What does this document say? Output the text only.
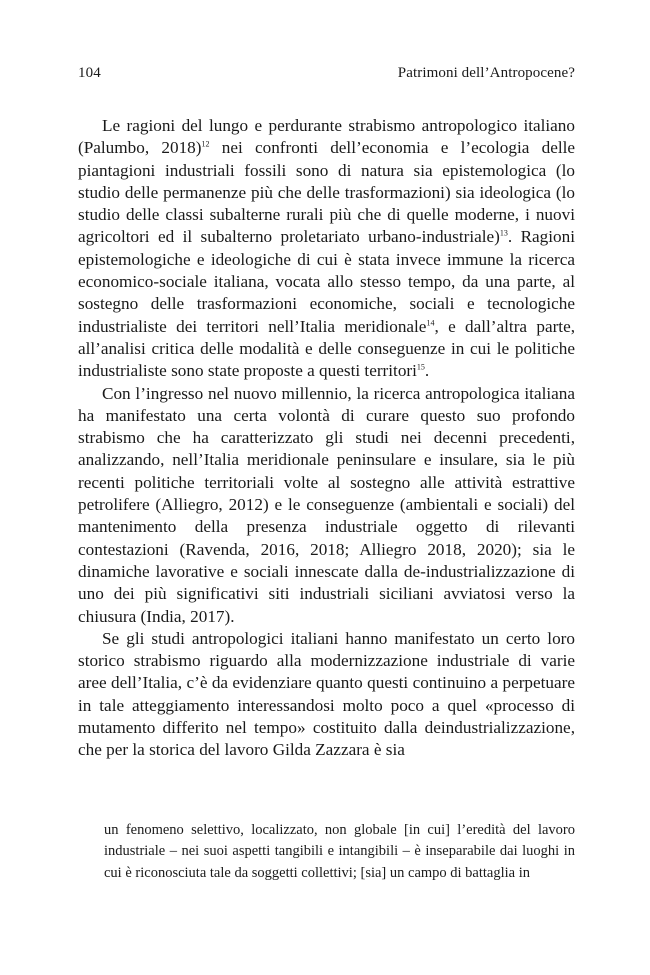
104	Patrimoni dell’Antropocene?

Le ragioni del lungo e perdurante strabismo antropologico italiano (Palumbo, 2018)$^{12}$ nei confronti dell’economia e l’ecologia delle piantagioni industriali fossili sono di natura sia epistemologica (lo studio delle permanenze più che delle trasformazioni) sia ideologica (lo studio delle classi subalterne rurali più che di quelle moderne, i nuovi agricoltori ed il subalterno proletariato urbano-industriale)$^{13}$. Ragioni epistemologiche e ideologiche di cui è stata invece immune la ricerca economico-sociale italiana, vocata allo stesso tempo, da una parte, al sostegno delle trasformazioni economiche, sociali e tecnologiche industrialiste dei territori nell’Italia meridionale$^{14}$, e dall’altra parte, all’analisi critica delle modalità e delle conseguenze in cui le politiche industrialiste sono state proposte a questi territori$^{15}$.

Con l’ingresso nel nuovo millennio, la ricerca antropologica italiana ha manifestato una certa volontà di curare questo suo profondo strabismo che ha caratterizzato gli studi nei decenni precedenti, analizzando, nell’Italia meridionale peninsulare e insulare, sia le più recenti politiche territoriali volte al sostegno alle attività estrattive petrolifere (Alliegro, 2012) e le conseguenze (ambientali e sociali) del mantenimento della presenza industriale oggetto di rilevanti contestazioni (Ravenda, 2016, 2018; Alliegro 2018, 2020); sia le dinamiche lavorative e sociali innescate dalla de-industrializzazione di uno dei più significativi siti industriali siciliani avviatosi verso la chiusura (India, 2017).

Se gli studi antropologici italiani hanno manifestato un certo loro storico strabismo riguardo alla modernizzazione industriale di varie aree dell’Italia, c’è da evidenziare quanto questi continuino a perpetuare in tale atteggiamento interessandosi molto poco a quel «processo di mutamento differito nel tempo» costituito dalla deindustrializzazione, che per la storica del lavoro Gilda Zazzara è sia

un fenomeno selettivo, localizzato, non globale [in cui] l’eredità del lavoro industriale – nei suoi aspetti tangibili e intangibili – è inseparabile dai luoghi in cui è riconosciuta tale da soggetti collettivi; [sia] un campo di battaglia in
